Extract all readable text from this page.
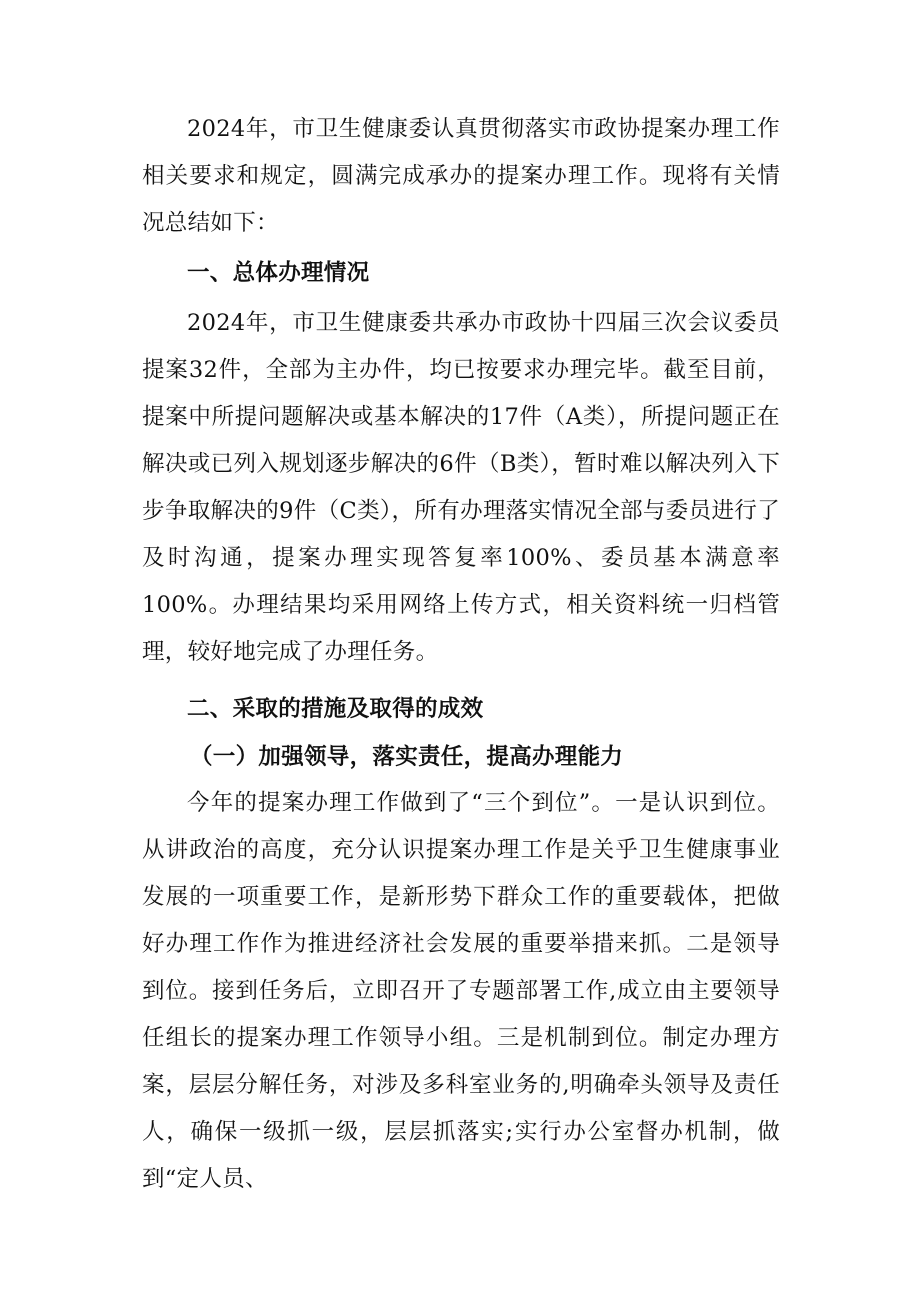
2024年，市卫生健康委认真贯彻落实市政协提案办理工作相关要求和规定，圆满完成承办的提案办理工作。现将有关情况总结如下：

一、总体办理情况

2024年，市卫生健康委共承办市政协十四届三次会议委员提案32件，全部为主办件，均已按要求办理完毕。截至目前，提案中所提问题解决或基本解决的17件（A类），所提问题正在解决或已列入规划逐步解决的6件（B类），暂时难以解决列入下步争取解决的9件（C类），所有办理落实情况全部与委员进行了及时沟通，提案办理实现答复率100%、委员基本满意率100%。办理结果均采用网络上传方式，相关资料统一归档管理，较好地完成了办理任务。

二、采取的措施及取得的成效
（一）加强领导，落实责任，提高办理能力

今年的提案办理工作做到了“三个到位”。一是认识到位。从讲政治的高度，充分认识提案办理工作是关乎卫生健康事业发展的一项重要工作，是新形势下群众工作的重要载体，把做好办理工作作为推进经济社会发展的重要举措来抓。二是领导到位。接到任务后，立即召开了专题部署工作,成立由主要领导任组长的提案办理工作领导小组。三是机制到位。制定办理方案，层层分解任务，对涉及多科室业务的,明确牵头领导及责任人，确保一级抓一级，层层抓落实;实行办公室督办机制，做到“定人员、
